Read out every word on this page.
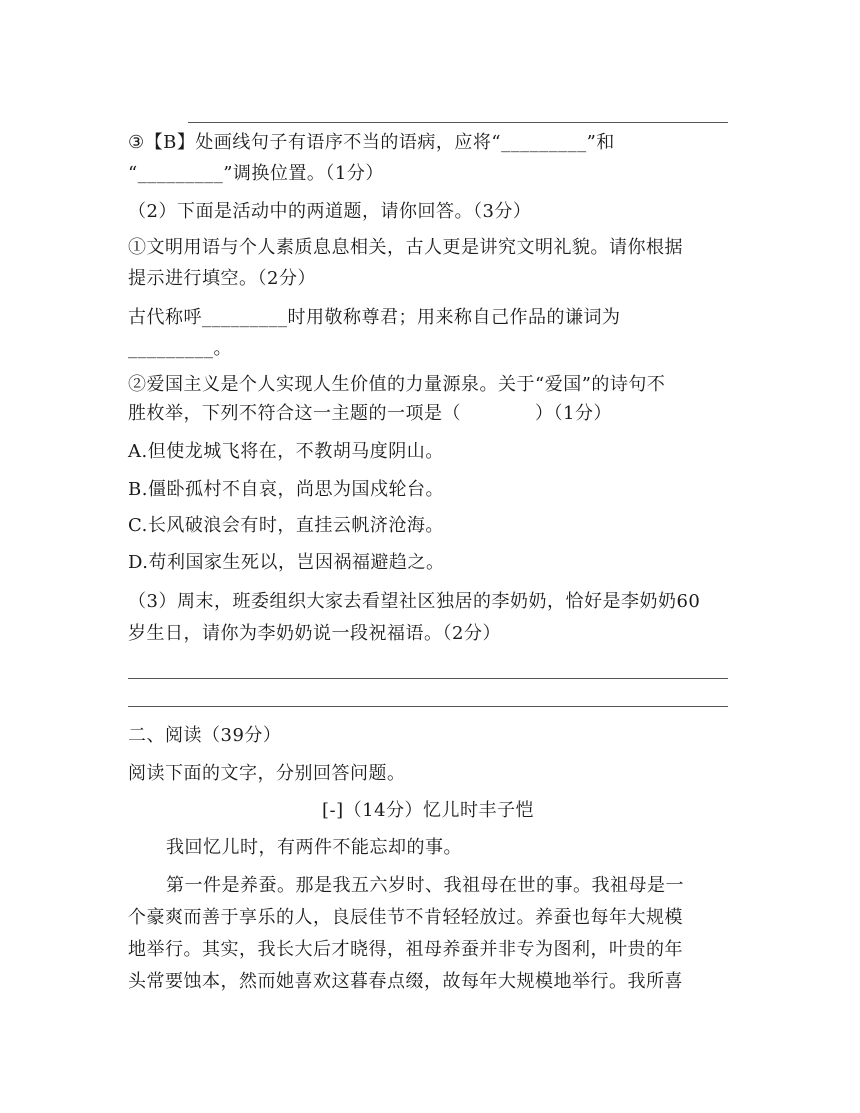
③【B】处画线句子有语序不当的语病，应将“_________”和
“_________”调换位置。（1分）
（2）下面是活动中的两道题，请你回答。（3分）
①文明用语与个人素质息息相关，古人更是讲究文明礼貌。请你根据
提示进行填空。（2分）
古代称呼_________时用敬称尊君；用来称自己作品的谦词为
_________。
②爱国主义是个人实现人生价值的力量源泉。关于“爱国”的诗句不
胜枚举，下列不符合这一主题的一项是（　　　　）（1分）
A.但使龙城飞将在，不教胡马度阴山。
B.僵卧孤村不自哀，尚思为国戍轮台。
C.长风破浪会有时，直挂云帆济沧海。
D.苟利国家生死以，岂因祸福避趋之。
（3）周末，班委组织大家去看望社区独居的李奶奶，恰好是李奶奶60
岁生日，请你为李奶奶说一段祝福语。（2分）
二、阅读（39分）
阅读下面的文字，分别回答问题。
[-]（14分）忆儿时丰子恺
我回忆儿时，有两件不能忘却的事。
第一件是养蚕。那是我五六岁时、我祖母在世的事。我祖母是一
个豪爽而善于享乐的人，良辰佳节不肯轻轻放过。养蚕也每年大规模
地举行。其实，我长大后才晓得，祖母养蚕并非专为图利，叶贵的年
头常要蚀本，然而她喜欢这暮春点缀，故每年大规模地举行。我所喜
